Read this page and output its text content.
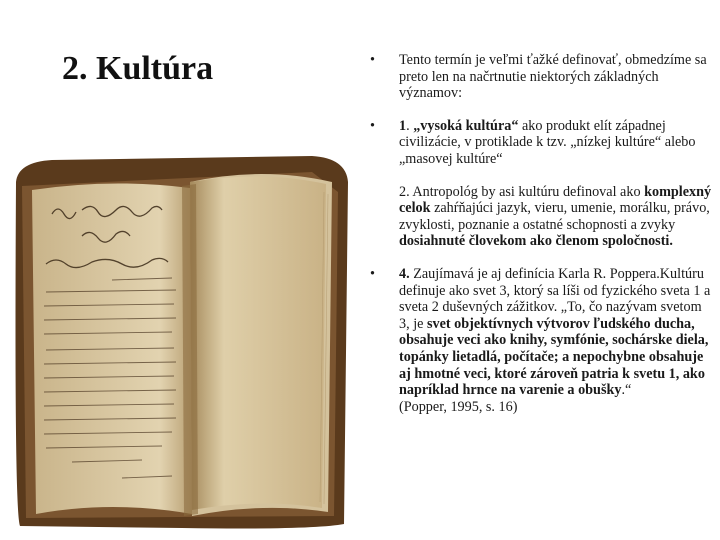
2. Kultúra	• Tento termín je veľmi ťažké definovať, obmedzíme sa preto len na načrtnutie niektorých základných významov:

• 1. „vysoká kultúra“ ako produkt elít západnej civilizácie, v protiklade k tzv. „nízkej kultúre“ alebo „masovej kultúre“

2. Antropológ by asi kultúru definoval ako komplexný celok zahŕňajúci jazyk, vieru, umenie, morálku, právo, zvyklosti, poznanie a ostatné schopnosti a zvyky dosiahnuté človekom ako členom spoločnosti.

• 4. Zaujímavá je aj definícia Karla R. Poppera.Kultúru definuje ako svet 3, ktorý sa líši od fyzického sveta 1 a sveta 2 duševných zážitkov. „To, čo nazývam svetom 3, je svet objektívnych výtvorov ľudského ducha, obsahuje veci ako knihy, symfónie, sochárske diela, topánky lietadlá, počítače; a nepochybne obsahuje aj hmotné veci, ktoré zároveň patria k svetu 1, ako napríklad hrnce na varenie a obušky.“

(Popper, 1995, s. 16)
